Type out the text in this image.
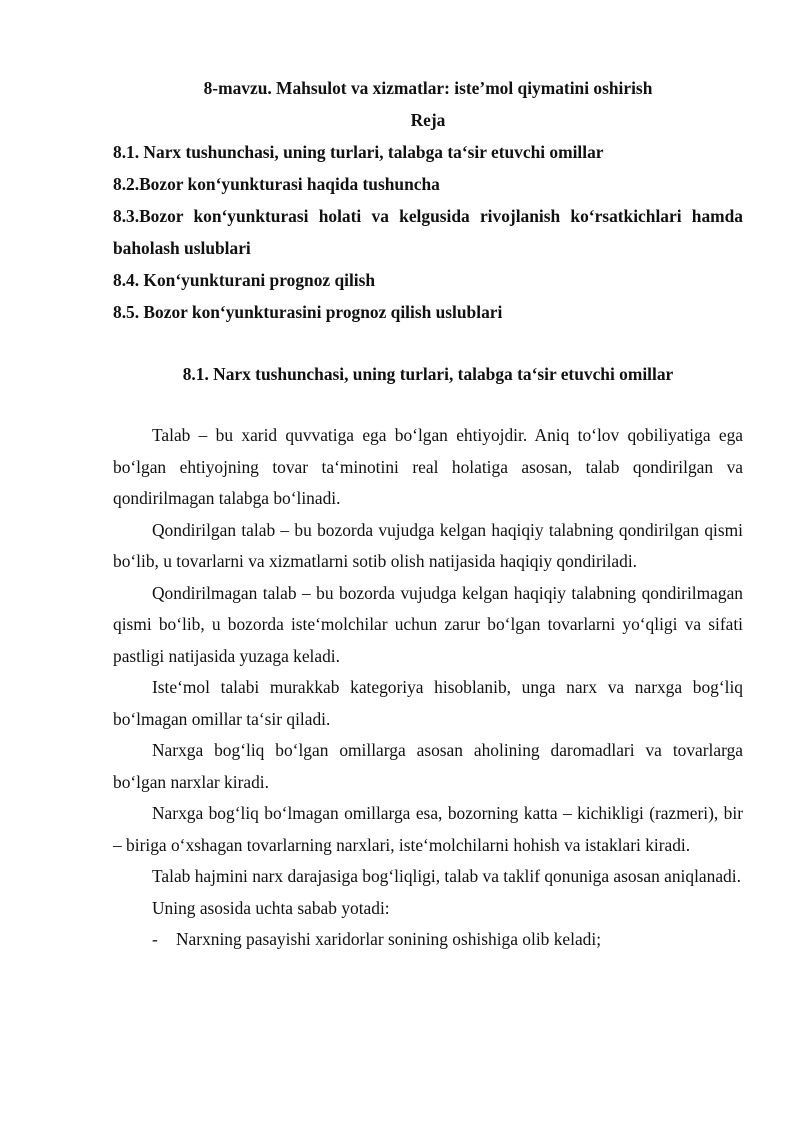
8-mavzu. Mahsulot va xizmatlar: iste’mol qiymatini oshirish

Reja

8.1. Narx tushunchasi, uning turlari, talabga ta‘sir etuvchi omillar

8.2.Bozor kon‘yunkturasi haqida tushuncha

8.3.Bozor kon‘yunkturasi holati va kelgusida rivojlanish ko‘rsatkichlari hamda baholash uslublari

8.4. Kon‘yunkturani prognoz qilish

8.5. Bozor kon‘yunkturasini prognoz qilish uslublari

8.1. Narx tushunchasi, uning turlari, talabga ta‘sir etuvchi omillar

Talab – bu xarid quvvatiga ega bo‘lgan ehtiyojdir. Aniq to‘lov qobiliyatiga ega bo‘lgan ehtiyojning tovar ta‘minotini real holatiga asosan, talab qondirilgan va qondirilmagan talabga bo‘linadi.

Qondirilgan talab – bu bozorda vujudga kelgan haqiqiy talabning qondirilgan qismi bo‘lib, u tovarlarni va xizmatlarni sotib olish natijasida haqiqiy qondiriladi.

Qondirilmagan talab – bu bozorda vujudga kelgan haqiqiy talabning qondirilmagan qismi bo‘lib, u bozorda iste‘molchilar uchun zarur bo‘lgan tovarlarni yo‘qligi va sifati pastligi natijasida yuzaga keladi.

Iste‘mol talabi murakkab kategoriya hisoblanib, unga narx va narxga bog‘liq bo‘lmagan omillar ta‘sir qiladi.

Narxga bog‘liq bo‘lgan omillarga asosan aholining daromadlari va tovarlarga bo‘lgan narxlar kiradi.

Narxga bog‘liq bo‘lmagan omillarga esa, bozorning katta – kichikligi (razmeri), bir – biriga o‘xshagan tovarlarning narxlari, iste‘molchilarni hohish va istaklari kiradi.

Talab hajmini narx darajasiga bog‘liqligi, talab va taklif qonuniga asosan aniqlanadi.

Uning asosida uchta sabab yotadi:

- Narxning pasayishi xaridorlar sonining oshishiga olib keladi;
